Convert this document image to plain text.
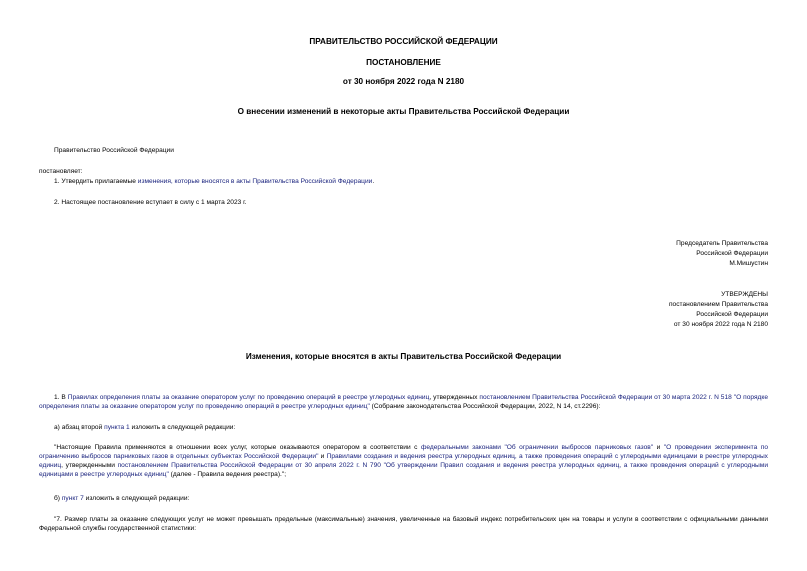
ПРАВИТЕЛЬСТВО РОССИЙСКОЙ ФЕДЕРАЦИИ
ПОСТАНОВЛЕНИЕ
от 30 ноября 2022 года N 2180
О внесении изменений в некоторые акты Правительства Российской Федерации
Правительство Российской Федерации
постановляет:
1. Утвердить прилагаемые изменения, которые вносятся в акты Правительства Российской Федерации.
2. Настоящее постановление вступает в силу с 1 марта 2023 г.
Председатель Правительства
Российской Федерации
М.Мишустин
УТВЕРЖДЕНЫ
постановлением Правительства
Российской Федерации
от 30 ноября 2022 года N 2180
Изменения, которые вносятся в акты Правительства Российской Федерации
1. В Правилах определения платы за оказание оператором услуг по проведению операций в реестре углеродных единиц, утвержденных постановлением Правительства Российской Федерации от 30 марта 2022 г. N 518 "О порядке определения платы за оказание оператором услуг по проведению операций в реестре углеродных единиц" (Собрание законодательства Российской Федерации, 2022, N 14, ст.2296):
а) абзац второй пункта 1 изложить в следующей редакции:
"Настоящие Правила применяются в отношении всех услуг, которые оказываются оператором в соответствии с федеральными законами "Об ограничении выбросов парниковых газов" и "О проведении эксперимента по ограничению выбросов парниковых газов в отдельных субъектах Российской Федерации" и Правилами создания и ведения реестра углеродных единиц, а также проведения операций с углеродными единицами в реестре углеродных единиц, утвержденными постановлением Правительства Российской Федерации от 30 апреля 2022 г. N 790 "Об утверждении Правил создания и ведения реестра углеродных единиц, а также проведения операций с углеродными единицами в реестре углеродных единиц" (далее - Правила ведения реестра).";
б) пункт 7 изложить в следующей редакции:
"7. Размер платы за оказание следующих услуг не может превышать предельные (максимальные) значения, увеличенные на базовый индекс потребительских цен на товары и услуги в соответствии с официальными данными Федеральной службы государственной статистики:
